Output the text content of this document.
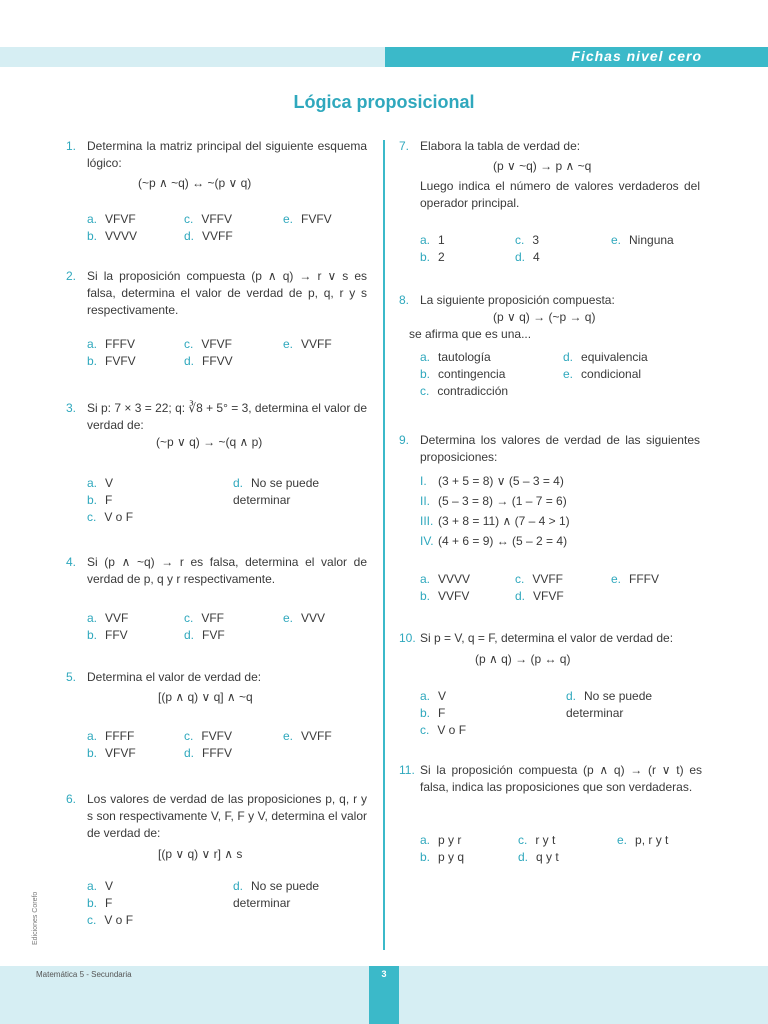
Fichas nivel cero
Lógica proposicional
1. Determina la matriz principal del siguiente esquema lógico:
(~p ∧ ~q) ↔ ~(p ∨ q)
a. VFVF
b. VVVV
c. VFFV
d. VVFF
e. FVFV
2. Si la proposición compuesta (p ∧ q) → r ∨ s es falsa, determina el valor de verdad de p, q, r y s respectivamente.
a. FFFV
b. FVFV
c. VFVF
d. FFVV
e. VVFF
3. Si p: 7 × 3 = 22; q: ∛8 + 5° = 3, determina el valor de verdad de:
(~p ∨ q) → ~(q ∧ p)
a. V
b. F
c. V o F
d. No se puede determinar
4. Si (p ∧ ~q) → r es falsa, determina el valor de verdad de p, q y r respectivamente.
a. VVF
b. FFV
c. VFF
d. FVF
e. VVV
5. Determina el valor de verdad de:
[(p ∧ q) ∨ q] ∧ ~q
a. FFFF
b. VFVF
c. FVFV
d. FFFV
e. VVFF
6. Los valores de verdad de las proposiciones p, q, r y s son respectivamente V, F, F y V, determina el valor de verdad de:
[(p ∨ q) ∨ r] ∧ s
a. V
b. F
c. V o F
d. No se puede determinar
7. Elabora la tabla de verdad de:
(p ∨ ~q) → p ∧ ~q
Luego indica el número de valores verdaderos del operador principal.
a. 1
b. 2
c. 3
d. 4
e. Ninguna
8. La siguiente proposición compuesta:
(p ∨ q) → (~p → q)
se afirma que es una...
a. tautología
b. contingencia
c. contradicción
d. equivalencia
e. condicional
9. Determina los valores de verdad de las siguientes proposiciones:
I. (3 + 5 = 8) ∨ (5 – 3 = 4)
II. (5 – 3 = 8) → (1 – 7 = 6)
III. (3 + 8 = 11) ∧ (7 – 4 > 1)
IV. (4 + 6 = 9) ↔ (5 – 2 = 4)
a. VVVV
b. VVFV
c. VVFF
d. VFVF
e. FFFV
10. Si p = V, q = F, determina el valor de verdad de:
(p ∧ q) → (p ↔ q)
a. V
b. F
c. V o F
d. No se puede determinar
11. Si la proposición compuesta (p ∧ q) → (r ∨ t) es falsa, indica las proposiciones que son verdaderas.
a. p y r
b. p y q
c. r y t
d. q y t
e. p, r y t
Ediciones Corefo
Matemática 5 - Secundaria	3
